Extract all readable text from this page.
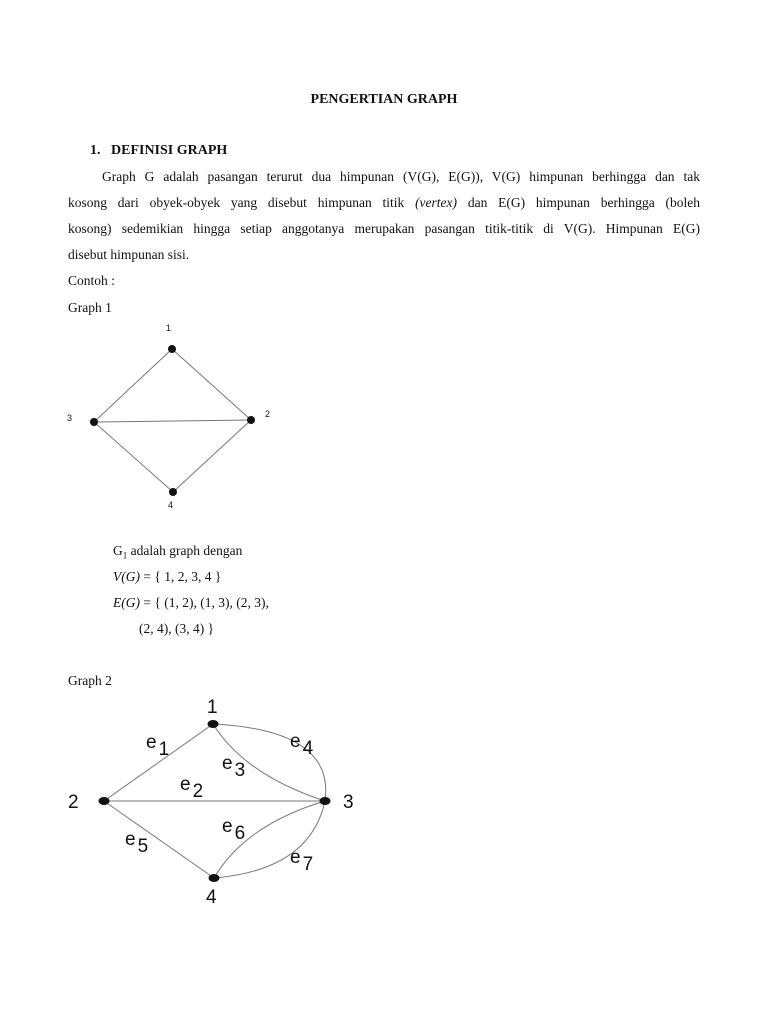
PENGERTIAN GRAPH
1. DEFINISI GRAPH
Graph G adalah pasangan terurut dua himpunan (V(G), E(G)), V(G) himpunan berhingga dan tak
kosong dari obyek-obyek yang disebut himpunan titik (vertex) dan E(G) himpunan berhingga (boleh
kosong) sedemikian hingga setiap anggotanya merupakan pasangan titik-titik di V(G). Himpunan E(G)
disebut himpunan sisi.
Contoh :
Graph 1
1
2
3
4
$G_1$ adalah graph dengan
V(G) = { 1, 2, 3, 4 }
E(G) = { (1, 2), (1, 3), (2, 3),
(2, 4), (3, 4) }
Graph 2
1
2	3
4
e 1
e 2
e 3
e 4
e 5
e 6
e 7
